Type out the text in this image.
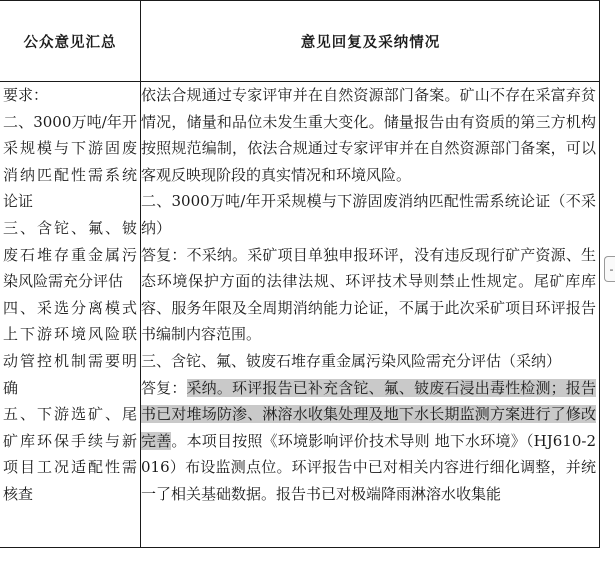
公众意见汇总	意见回复及采纳情况

要求：

二、3000万吨/年开采规模与下游固废消纳匹配性需系统论证

三、含铊、氟、铍废石堆存重金属污染风险需充分评估

四、采选分离模式上下游环境风险联动管控机制需要明确

五、下游选矿、尾矿库环保手续与新项目工况适配性需核查

依法合规通过专家评审并在自然资源部门备案。矿山不存在采富弃贫情况，储量和品位未发生重大变化。储量报告由有资质的第三方机构按照规范编制，依法合规通过专家评审并在自然资源部门备案，可以客观反映现阶段的真实情况和环境风险。

二、3000万吨/年开采规模与下游固废消纳匹配性需系统论证（不采纳）

答复：不采纳。采矿项目单独申报环评，没有违反现行矿产资源、生态环境保护方面的法律法规、环评技术导则禁止性规定。尾矿库库容、服务年限及全周期消纳能力论证，不属于此次采矿项目环评报告书编制内容范围。

三、含铊、氟、铍废石堆存重金属污染风险需充分评估（采纳）

答复：采纳。环评报告已补充含铊、氟、铍废石浸出毒性检测；报告书已对堆场防渗、淋溶水收集处理及地下水长期监测方案进行了修改完善。本项目按照《环境影响评价技术导则 地下水环境》（HJ610-2016）布设监测点位。环评报告中已对相关内容进行细化调整，并统一了相关基础数据。报告书已对极端降雨淋溶水收集能

-
